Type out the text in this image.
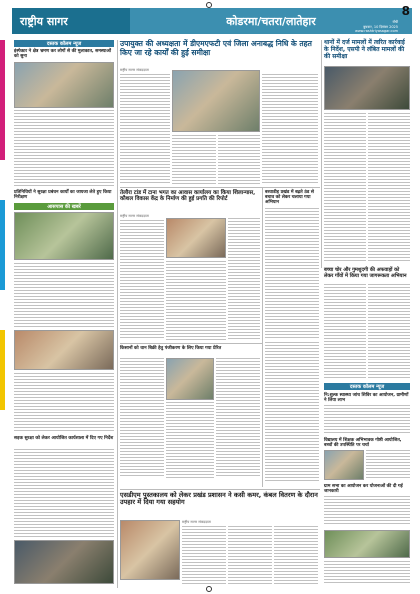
राष्ट्रीय सागर	कोडरमा/चतरा/लातेहार
8
राँची
बुधवार, 10 दिसंबर 2025
www.rashtriyasagar.com
दस्तक कॉलम न्यूज
इंस्पेक्टर ने क्षेत्र भ्रमण कर लोगों से की मुलाकात, समस्याओं को सुना
प्रतिनिधियों ने सुरक्षा प्रबंधन कार्यों का जायजा लेते हुए किया निरीक्षण
आसपास की खबरें
सड़क सुरक्षा को लेकर आयोजित कार्यशाला में दिए गए निर्देश
उपायुक्त की अध्यक्षता में डीएमएफटी एवं जिला अनाबद्ध निधि के तहत किए जा रहे कार्यों की हुई समीक्षा
राष्ट्रीय सागर संवाददाता
थानों में दर्ज मामलों में त्वरित कार्रवाई के निर्देश, एसपी ने लंबित मामलों की की समीक्षा
तेलौरा टांड में टाना भगत का आवास कार्यालय का किया शिलान्यास, कौशल विकास केंद्र के निर्माण की हुई प्रगति की रिपोर्ट
राष्ट्रीय सागर संवाददाता
बरवाडीह प्रखंड में बढ़ते ठंड से बचाव को लेकर चलाया गया अभियान
बच्चा चोर और गुमशुदगी की अफवाहों को लेकर गाँवों में किया गया जागरूकता अभियान
किसानों को धान बिक्री हेतु पंजीकरण के लिए किया गया प्रेरित
दस्तक कॉलम न्यूज
नि:शुल्क स्वास्थ्य जांच शिविर का आयोजन, ग्रामीणों ने लिया लाभ
विद्यालय में शिक्षक अभिभावक गोष्ठी आयोजित, बच्चों की उपस्थिति पर चर्चा
ग्राम सभा का आयोजन कर योजनाओं की दी गई जानकारी
एसडीएम पुस्तकालय को लेकर प्रखंड प्रशासन ने कसी कमर, कंबल वितरण के दौरान उपहार में दिया गया सहयोग
राष्ट्रीय सागर संवाददाता
